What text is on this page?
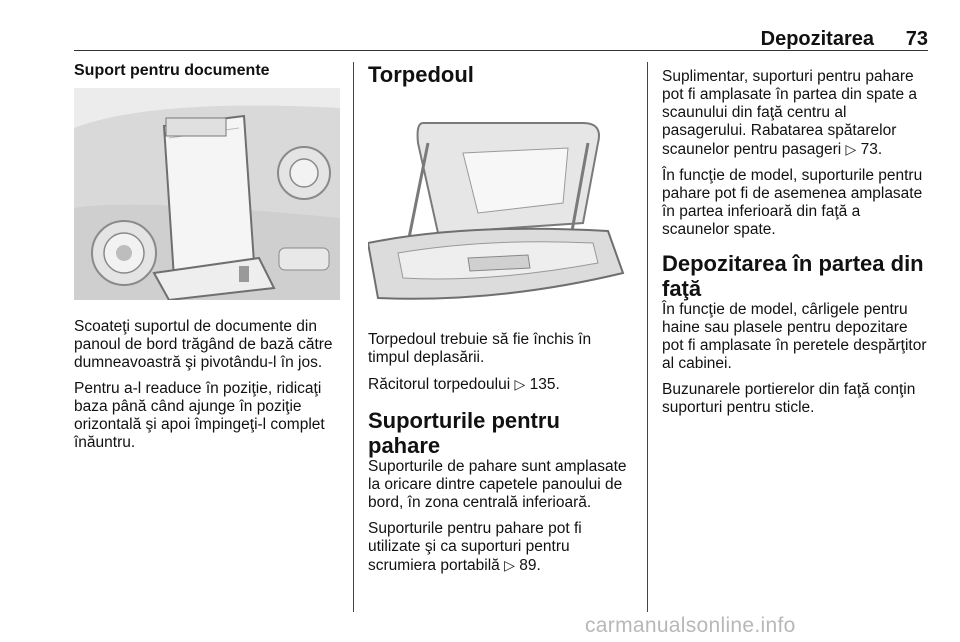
Depozitarea 73
Suport pentru documente

Scoateţi suportul de documente din panoul de bord trăgând de bază către dumneavoastră şi pivotându-l în jos.

Pentru a-l readuce în poziţie, ridicaţi baza până când ajunge în poziţie orizontală şi apoi împingeţi-l complet înăuntru.

Torpedoul

Torpedoul trebuie să fie închis în timpul deplasării.

Răcitorul torpedoului ▷ 135.

Suporturile pentru pahare

Suporturile de pahare sunt amplasate la oricare dintre capetele panoului de bord, în zona centrală inferioară.

Suporturile pentru pahare pot fi utilizate şi ca suporturi pentru scrumiera portabilă ▷ 89.

Suplimentar, suporturi pentru pahare pot fi amplasate în partea din spate a scaunului din faţă centru al pasagerului. Rabatarea spătarelor scaunelor pentru pasageri ▷ 73.

În funcţie de model, suporturile pentru pahare pot fi de asemenea amplasate în partea inferioară din faţă a scaunelor spate.

Depozitarea în partea din faţă

În funcţie de model, cârligele pentru haine sau plasele pentru depozitare pot fi amplasate în peretele despărţitor al cabinei.

Buzunarele portierelor din faţă conţin suporturi pentru sticle.

carmanualsonline.info
